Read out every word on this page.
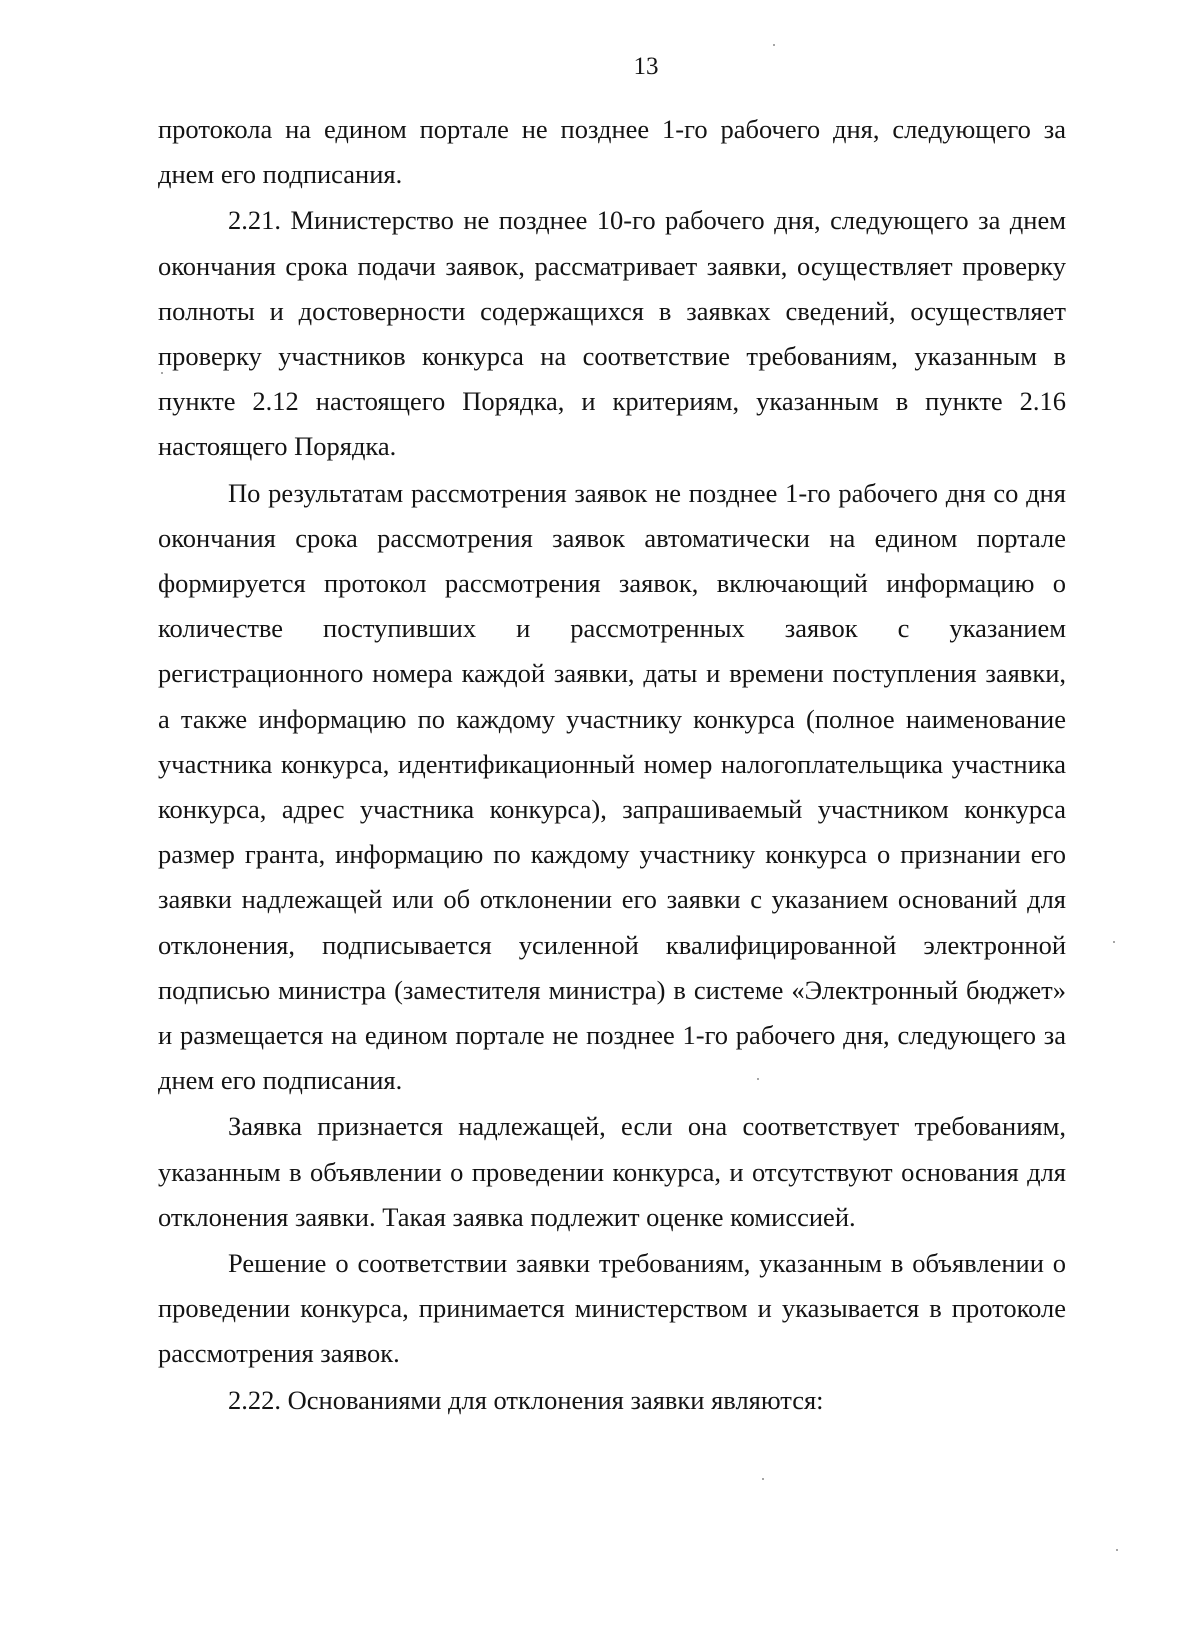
13

протокола на едином портале не позднее 1-го рабочего дня, следующего за днем его подписания.

2.21. Министерство не позднее 10-го рабочего дня, следующего за днем окончания срока подачи заявок, рассматривает заявки, осуществляет проверку полноты и достоверности содержащихся в заявках сведений, осуществляет проверку участников конкурса на соответствие требованиям, указанным в пункте 2.12 настоящего Порядка, и критериям, указанным в пункте 2.16 настоящего Порядка.

По результатам рассмотрения заявок не позднее 1-го рабочего дня со дня окончания срока рассмотрения заявок автоматически на едином портале формируется протокол рассмотрения заявок, включающий информацию о количестве поступивших и рассмотренных заявок с указанием регистрационного номера каждой заявки, даты и времени поступления заявки, а также информацию по каждому участнику конкурса (полное наименование участника конкурса, идентификационный номер налогоплательщика участника конкурса, адрес участника конкурса), запрашиваемый участником конкурса размер гранта, информацию по каждому участнику конкурса о признании его заявки надлежащей или об отклонении его заявки с указанием оснований для отклонения, подписывается усиленной квалифицированной электронной подписью министра (заместителя министра) в системе «Электронный бюджет» и размещается на едином портале не позднее 1-го рабочего дня, следующего за днем его подписания.

Заявка признается надлежащей, если она соответствует требованиям, указанным в объявлении о проведении конкурса, и отсутствуют основания для отклонения заявки. Такая заявка подлежит оценке комиссией.

Решение о соответствии заявки требованиям, указанным в объявлении о проведении конкурса, принимается министерством и указывается в протоколе рассмотрения заявок.

2.22. Основаниями для отклонения заявки являются:
